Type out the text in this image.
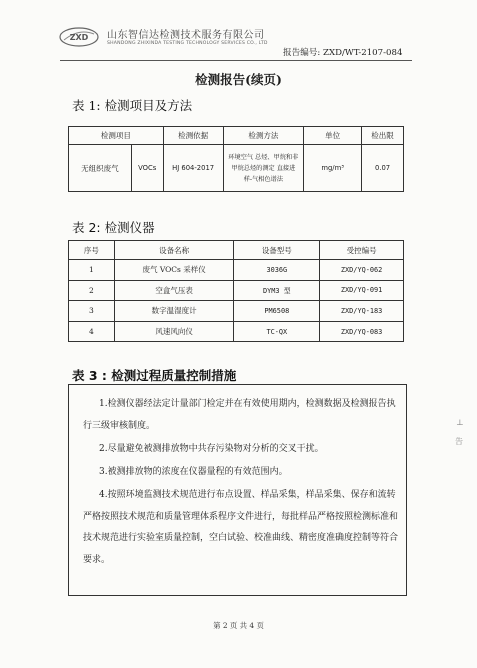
ZXD 山东智信达检测技术服务有限公司
SHANDONG ZHIXINDA TESTING TECHNOLOGY SERVICES CO., LTD
报告编号: ZXD/WT-2107-084
检测报告(续页)
表 1: 检测项目及方法
检测项目		检测依据	检测方法	单位	检出限
无组织废气	VOCs	HJ 604-2017	环境空气 总烃、甲烷和非
甲烷总烃的测定 直接进
样-气相色谱法	mg/m³	0.07
表 2: 检测仪器
序号	设备名称	设备型号	受控编号
1	废气 VOCs 采样仪	3036G	ZXD/YQ-062
2	空盒气压表	DYM3 型	ZXD/YQ-091
3	数字温湿度计	PM6508	ZXD/YQ-183
4	风速风向仪	TC-QX	ZXD/YQ-083
表 3 : 检测过程质量控制措施

1.检测仪器经法定计量部门检定并在有效使用期内，检测数据及检测报告执行三级审核制度。

2.尽量避免被测排放物中共存污染物对分析的交叉干扰。

3.被测排放物的浓度在仪器量程的有效范围内。

4.按照环境监测技术规范进行布点设置、样品采集，样品采集、保存和流转严格按照技术规范和质量管理体系程序文件进行，每批样品严格按照检测标准和技术规范进行实验室质量控制，空白试验、校准曲线、精密度准确度控制等符合要求。

第 2 页 共 4 页
告
⊥
